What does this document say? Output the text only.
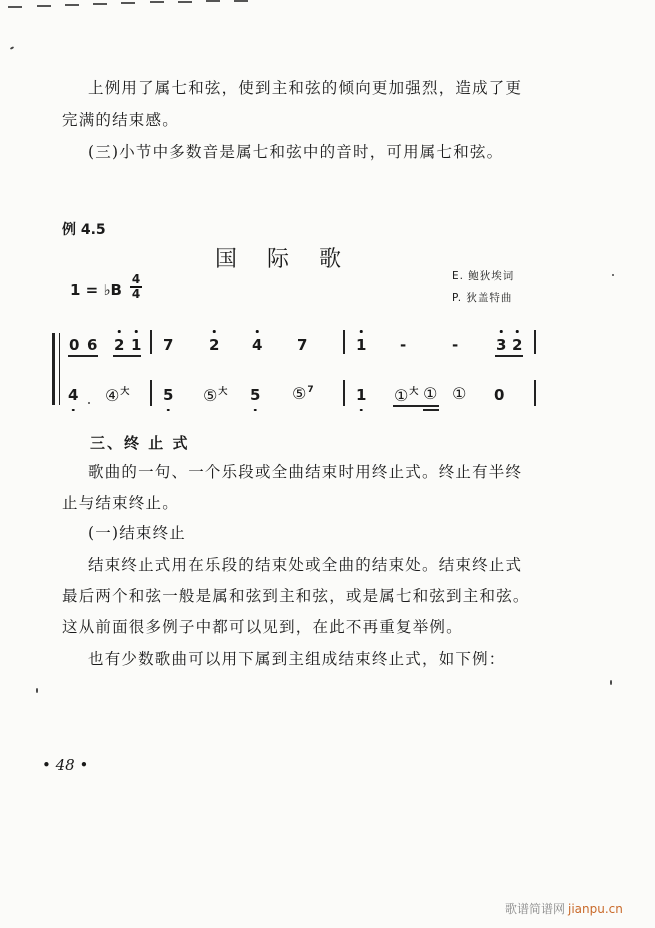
上例用了属七和弦，使到主和弦的倾向更加强烈，造成了更
完满的结束感。
(三)小节中多数音是属七和弦中的音时，可用属七和弦。
例 4.5
国际歌
1 = ♭B
4
4
E. 鲍狄埃词
P. 狄盖特曲
0 6 2 1 7 2 4 7	1 -	-	3 2
4 ④$^大$ 5 ⑤$^大$ 5 ⑤$^7$	1 ①$^大$ ① ① 0
三、终 止 式
歌曲的一句、一个乐段或全曲结束时用终止式。终止有半终
止与结束终止。
(一)结束终止
结束终止式用在乐段的结束处或全曲的结束处。结束终止式
最后两个和弦一般是属和弦到主和弦，或是属七和弦到主和弦。
这从前面很多例子中都可以见到，在此不再重复举例。
也有少数歌曲可以用下属到主组成结束终止式，如下例：
• 48 •
歌谱简谱网 jianpu.cn
